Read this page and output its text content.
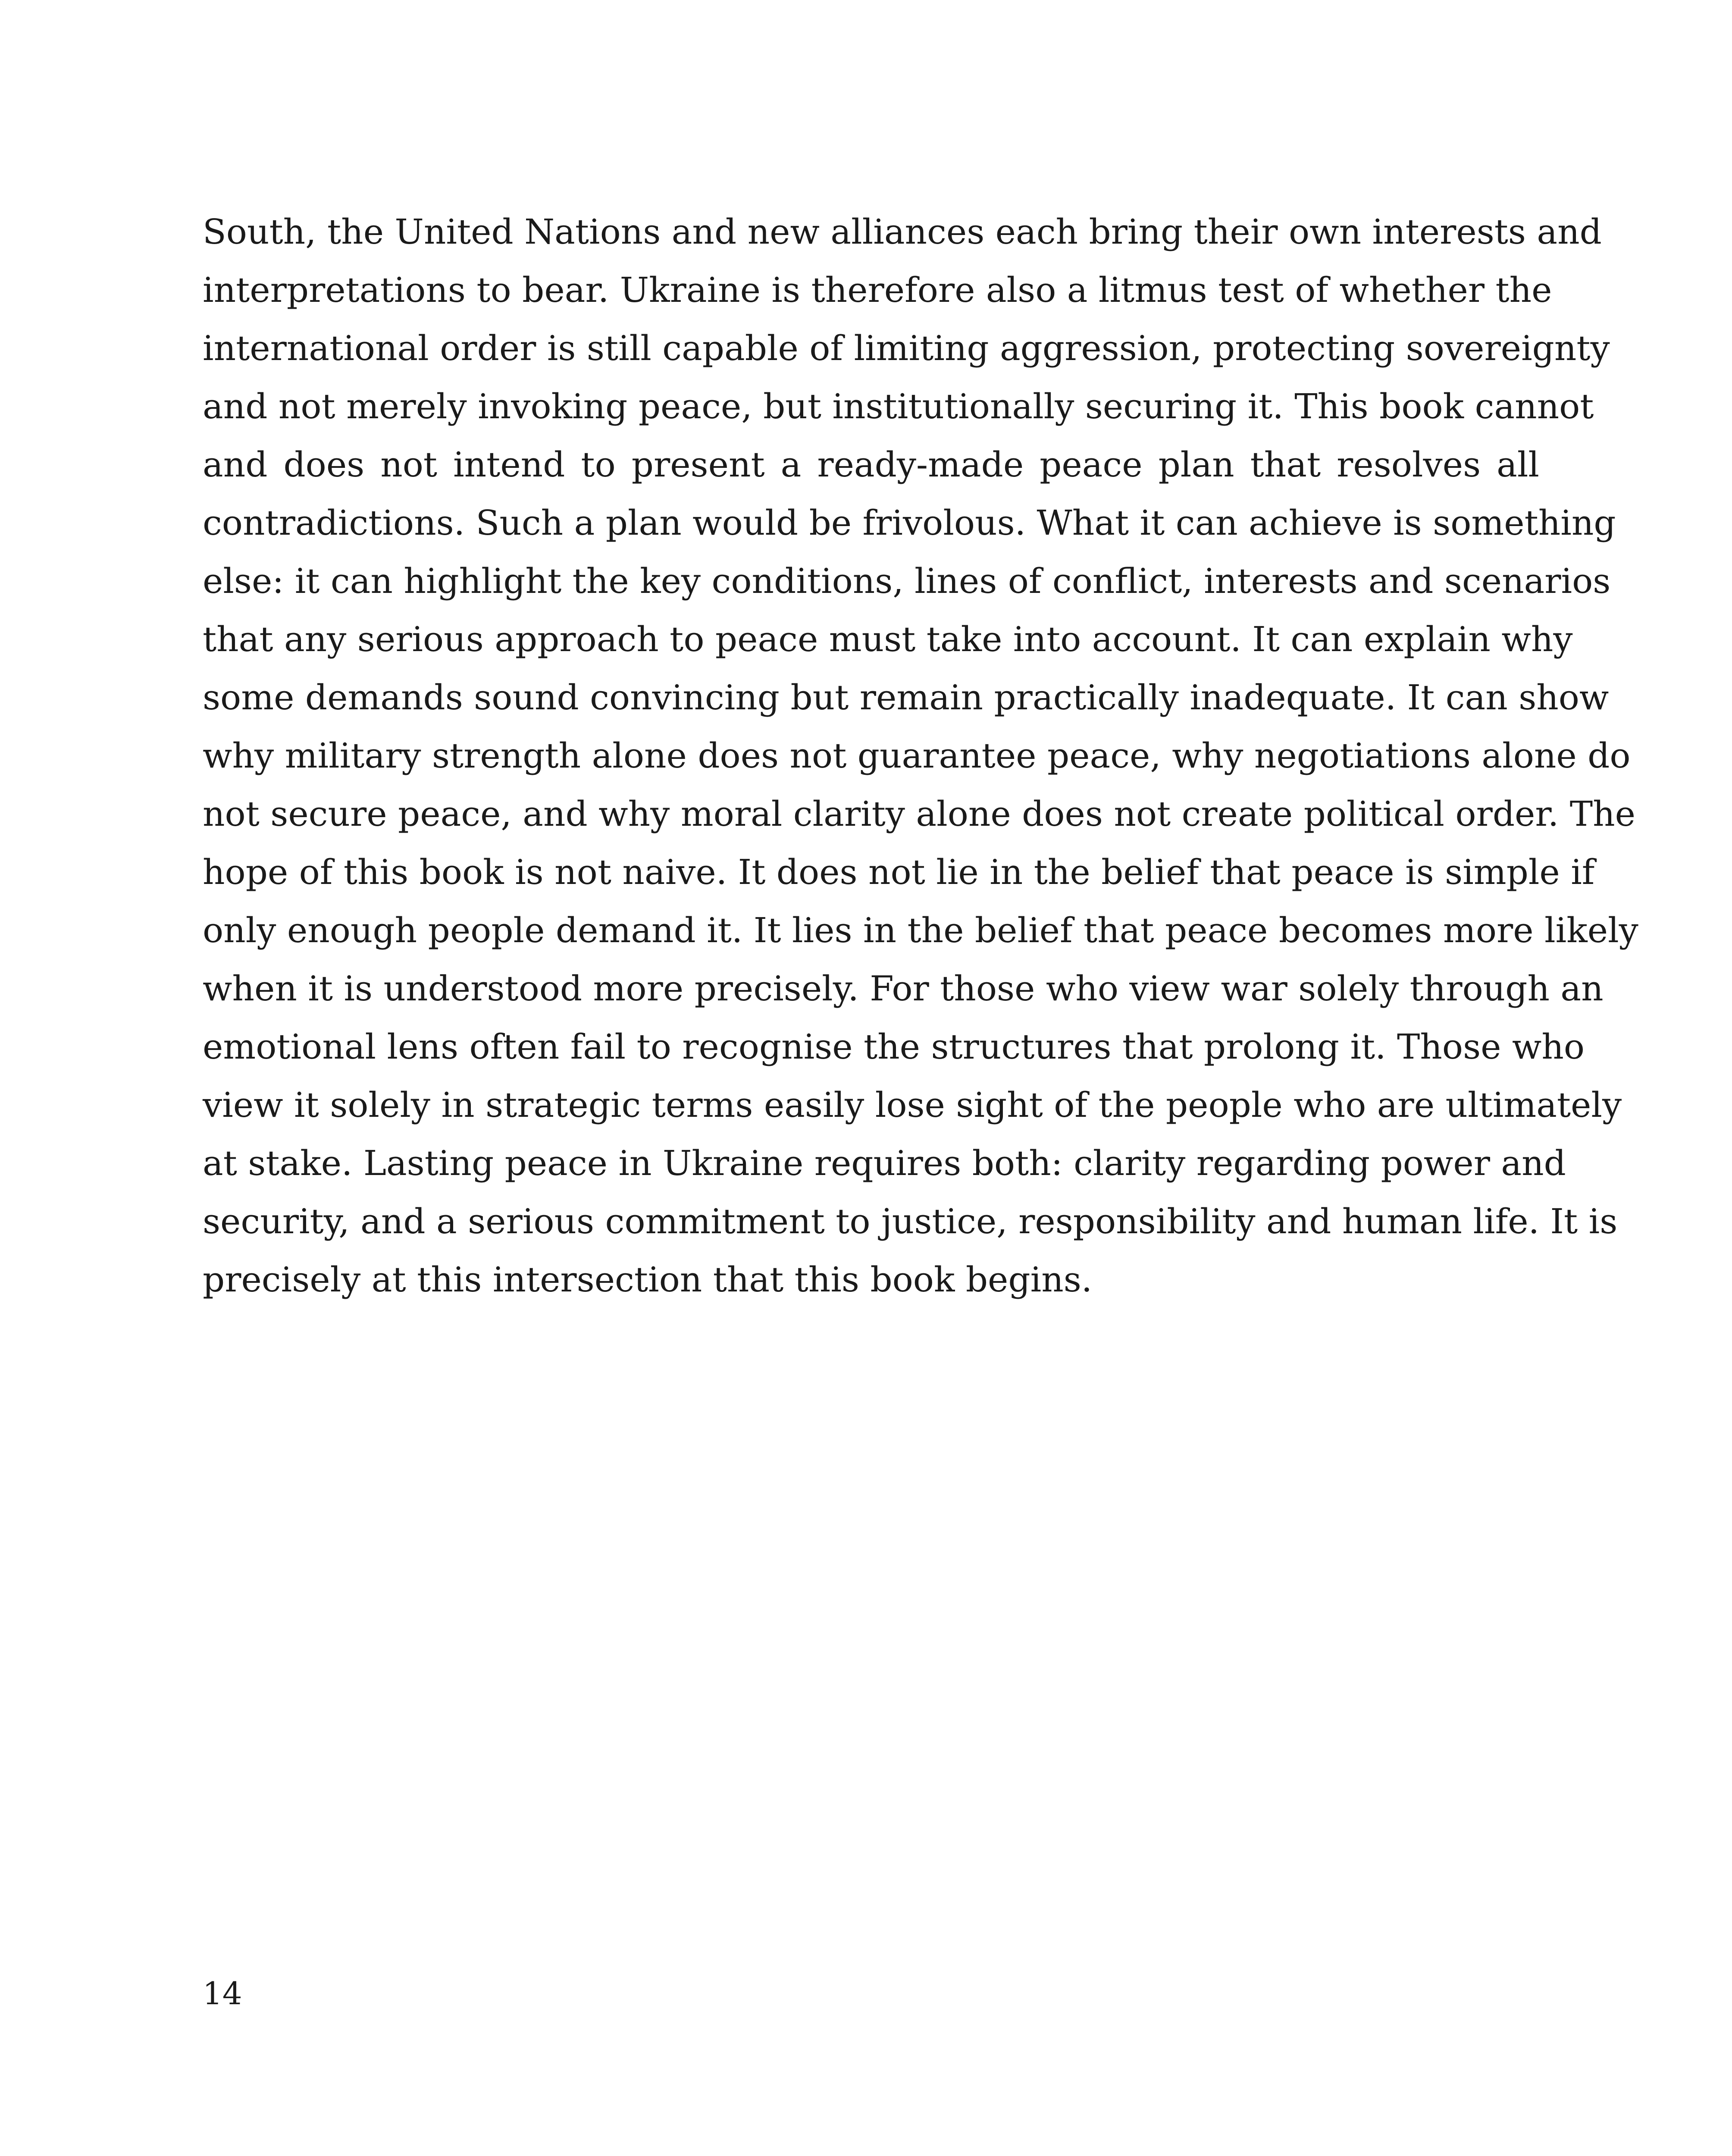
South, the United Nations and new alliances each bring their own interests and
interpretations to bear. Ukraine is therefore also a litmus test of whether the
international order is still capable of limiting aggression, protecting sovereignty
and not merely invoking peace, but institutionally securing it. This book cannot
and does not intend to present a ready-made peace plan that resolves all
contradictions. Such a plan would be frivolous. What it can achieve is something
else: it can highlight the key conditions, lines of conflict, interests and scenarios
that any serious approach to peace must take into account. It can explain why
some demands sound convincing but remain practically inadequate. It can show
why military strength alone does not guarantee peace, why negotiations alone do
not secure peace, and why moral clarity alone does not create political order. The
hope of this book is not naive. It does not lie in the belief that peace is simple if
only enough people demand it. It lies in the belief that peace becomes more likely
when it is understood more precisely. For those who view war solely through an
emotional lens often fail to recognise the structures that prolong it. Those who
view it solely in strategic terms easily lose sight of the people who are ultimately
at stake. Lasting peace in Ukraine requires both: clarity regarding power and
security, and a serious commitment to justice, responsibility and human life. It is
precisely at this intersection that this book begins.
14
